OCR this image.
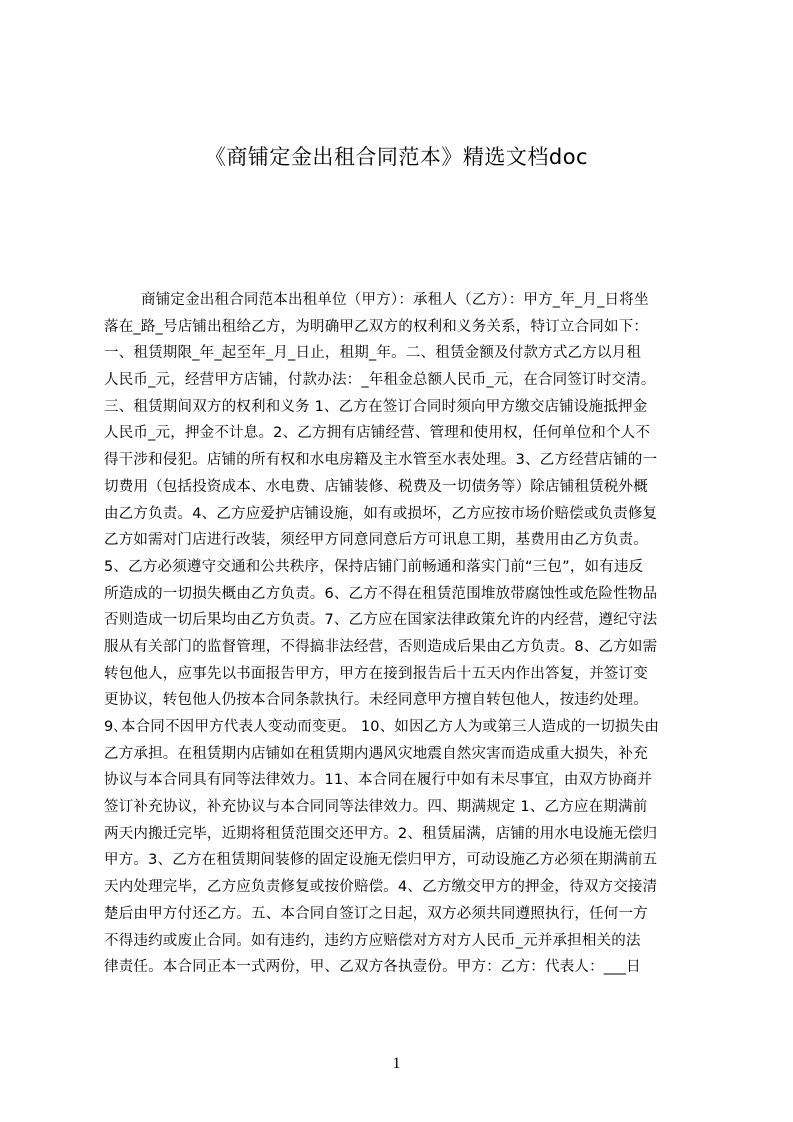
《商铺定金出租合同范本》精选文档doc
商铺定金出租合同范本出租单位（甲方）：承租人（乙方）：甲方_年_月_日将坐
落在_路_号店铺出租给乙方，为明确甲乙双方的权利和义务关系，特订立合同如下：
一、租赁期限_年_起至年_月_日止，租期_年。二、租赁金额及付款方式乙方以月租
人民币_元，经营甲方店铺，付款办法：_年租金总额人民币_元，在合同签订时交清。
三、租赁期间双方的权利和义务 1、乙方在签订合同时须向甲方缴交店铺设施抵押金
人民币_元，押金不计息。2、乙方拥有店铺经营、管理和使用权，任何单位和个人不
得干涉和侵犯。店铺的所有权和水电房籍及主水管至水表处理。3、乙方经营店铺的一
切费用（包括投资成本、水电费、店铺装修、税费及一切债务等）除店铺租赁税外概
由乙方负责。4、乙方应爱护店铺设施，如有或损坏，乙方应按市场价赔偿或负责修复
乙方如需对门店进行改装，须经甲方同意同意后方可讯息工期，基费用由乙方负责。
5、乙方必须遵守交通和公共秩序，保持店铺门前畅通和落实门前“三包”，如有违反
所造成的一切损失概由乙方负责。6、乙方不得在租赁范围堆放带腐蚀性或危险性物品
否则造成一切后果均由乙方负责。7、乙方应在国家法律政策允许的内经营，遵纪守法
服从有关部门的监督管理，不得搞非法经营，否则造成后果由乙方负责。8、乙方如需
转包他人，应事先以书面报告甲方，甲方在接到报告后十五天内作出答复，并签订变
更协议，转包他人仍按本合同条款执行。未经同意甲方擅自转包他人，按违约处理。
9､本合同不因甲方代表人变动而变更。 10、如因乙方人为或第三人造成的一切损失由
乙方承担。在租赁期内店铺如在租赁期内遇风灾地震自然灾害而造成重大损失，补充
协议与本合同具有同等法律效力。11、本合同在履行中如有未尽事宜，由双方协商并
签订补充协议，补充协议与本合同同等法律效力。四、期满规定 1、乙方应在期满前
两天内搬迁完毕，近期将租赁范围交还甲方。2、租赁届满，店铺的用水电设施无偿归
甲方。3、乙方在租赁期间装修的固定设施无偿归甲方，可动设施乙方必须在期满前五
天内处理完毕，乙方应负责修复或按价赔偿。4、乙方缴交甲方的押金，待双方交接清
楚后由甲方付还乙方。五、本合同自签订之日起，双方必须共同遵照执行，任何一方
不得违约或废止合同。如有违约，违约方应赔偿对方对方人民币_元并承担相关的法
律责任。本合同正本一式两份，甲、乙双方各执壹份。甲方：乙方：代表人：___日
1
